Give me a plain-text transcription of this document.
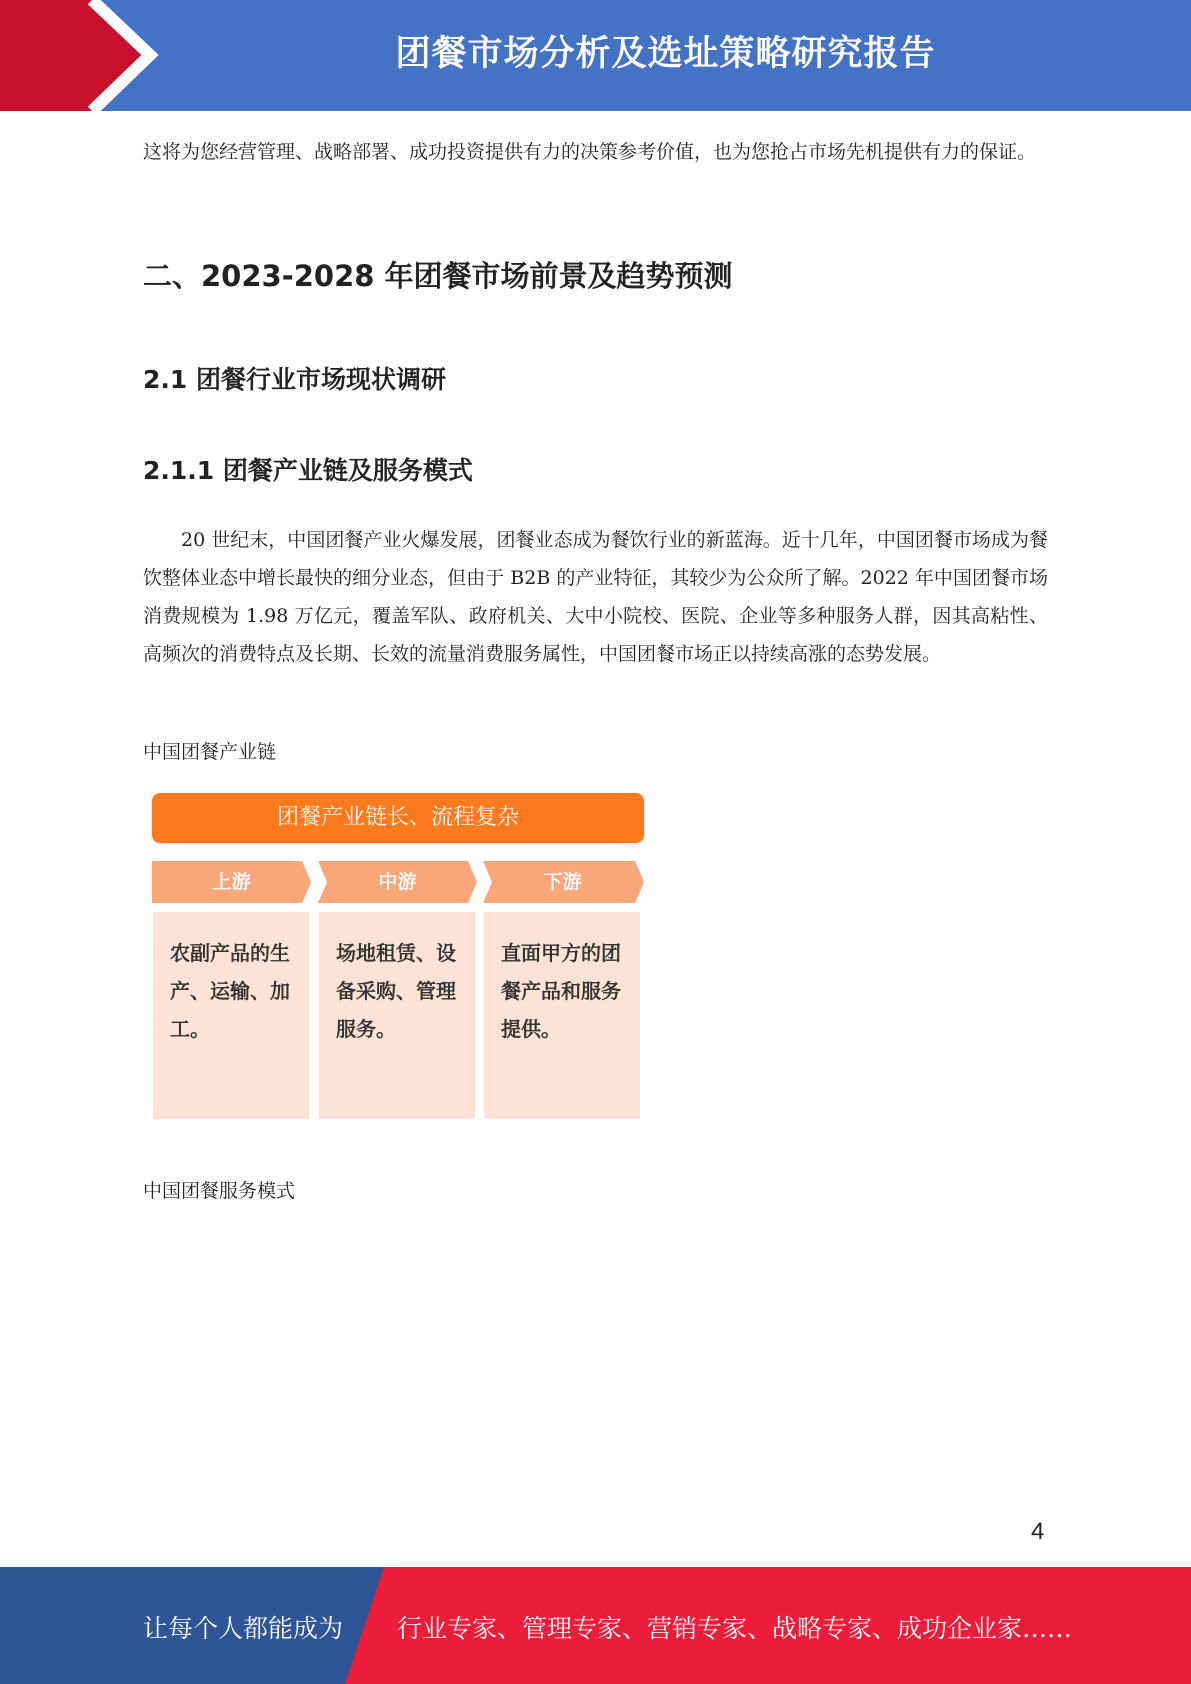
团餐市场分析及选址策略研究报告

这将为您经营管理、战略部署、成功投资提供有力的决策参考价值，也为您抢占市场先机提供有力的保证。

二、2023-2028 年团餐市场前景及趋势预测
2.1 团餐行业市场现状调研
2.1.1 团餐产业链及服务模式

20 世纪末，中国团餐产业火爆发展，团餐业态成为餐饮行业的新蓝海。近十几年，中国团餐市场成为餐饮整体业态中增长最快的细分业态，但由于 B2B 的产业特征，其较少为公众所了解。2022 年中国团餐市场消费规模为 1.98 万亿元，覆盖军队、政府机关、大中小院校、医院、企业等多种服务人群，因其高粘性、高频次的消费特点及长期、长效的流量消费服务属性，中国团餐市场正以持续高涨的态势发展。

中国团餐产业链
中国团餐服务模式
团餐产业链长、流程复杂
上游	中游	下游
农副产品的生产、运输、加工。
场地租赁、设备采购、管理服务。
直面甲方的团餐产品和服务提供。
4
让每个人都能成为 行业专家、管理专家、营销专家、战略专家、成功企业家……
